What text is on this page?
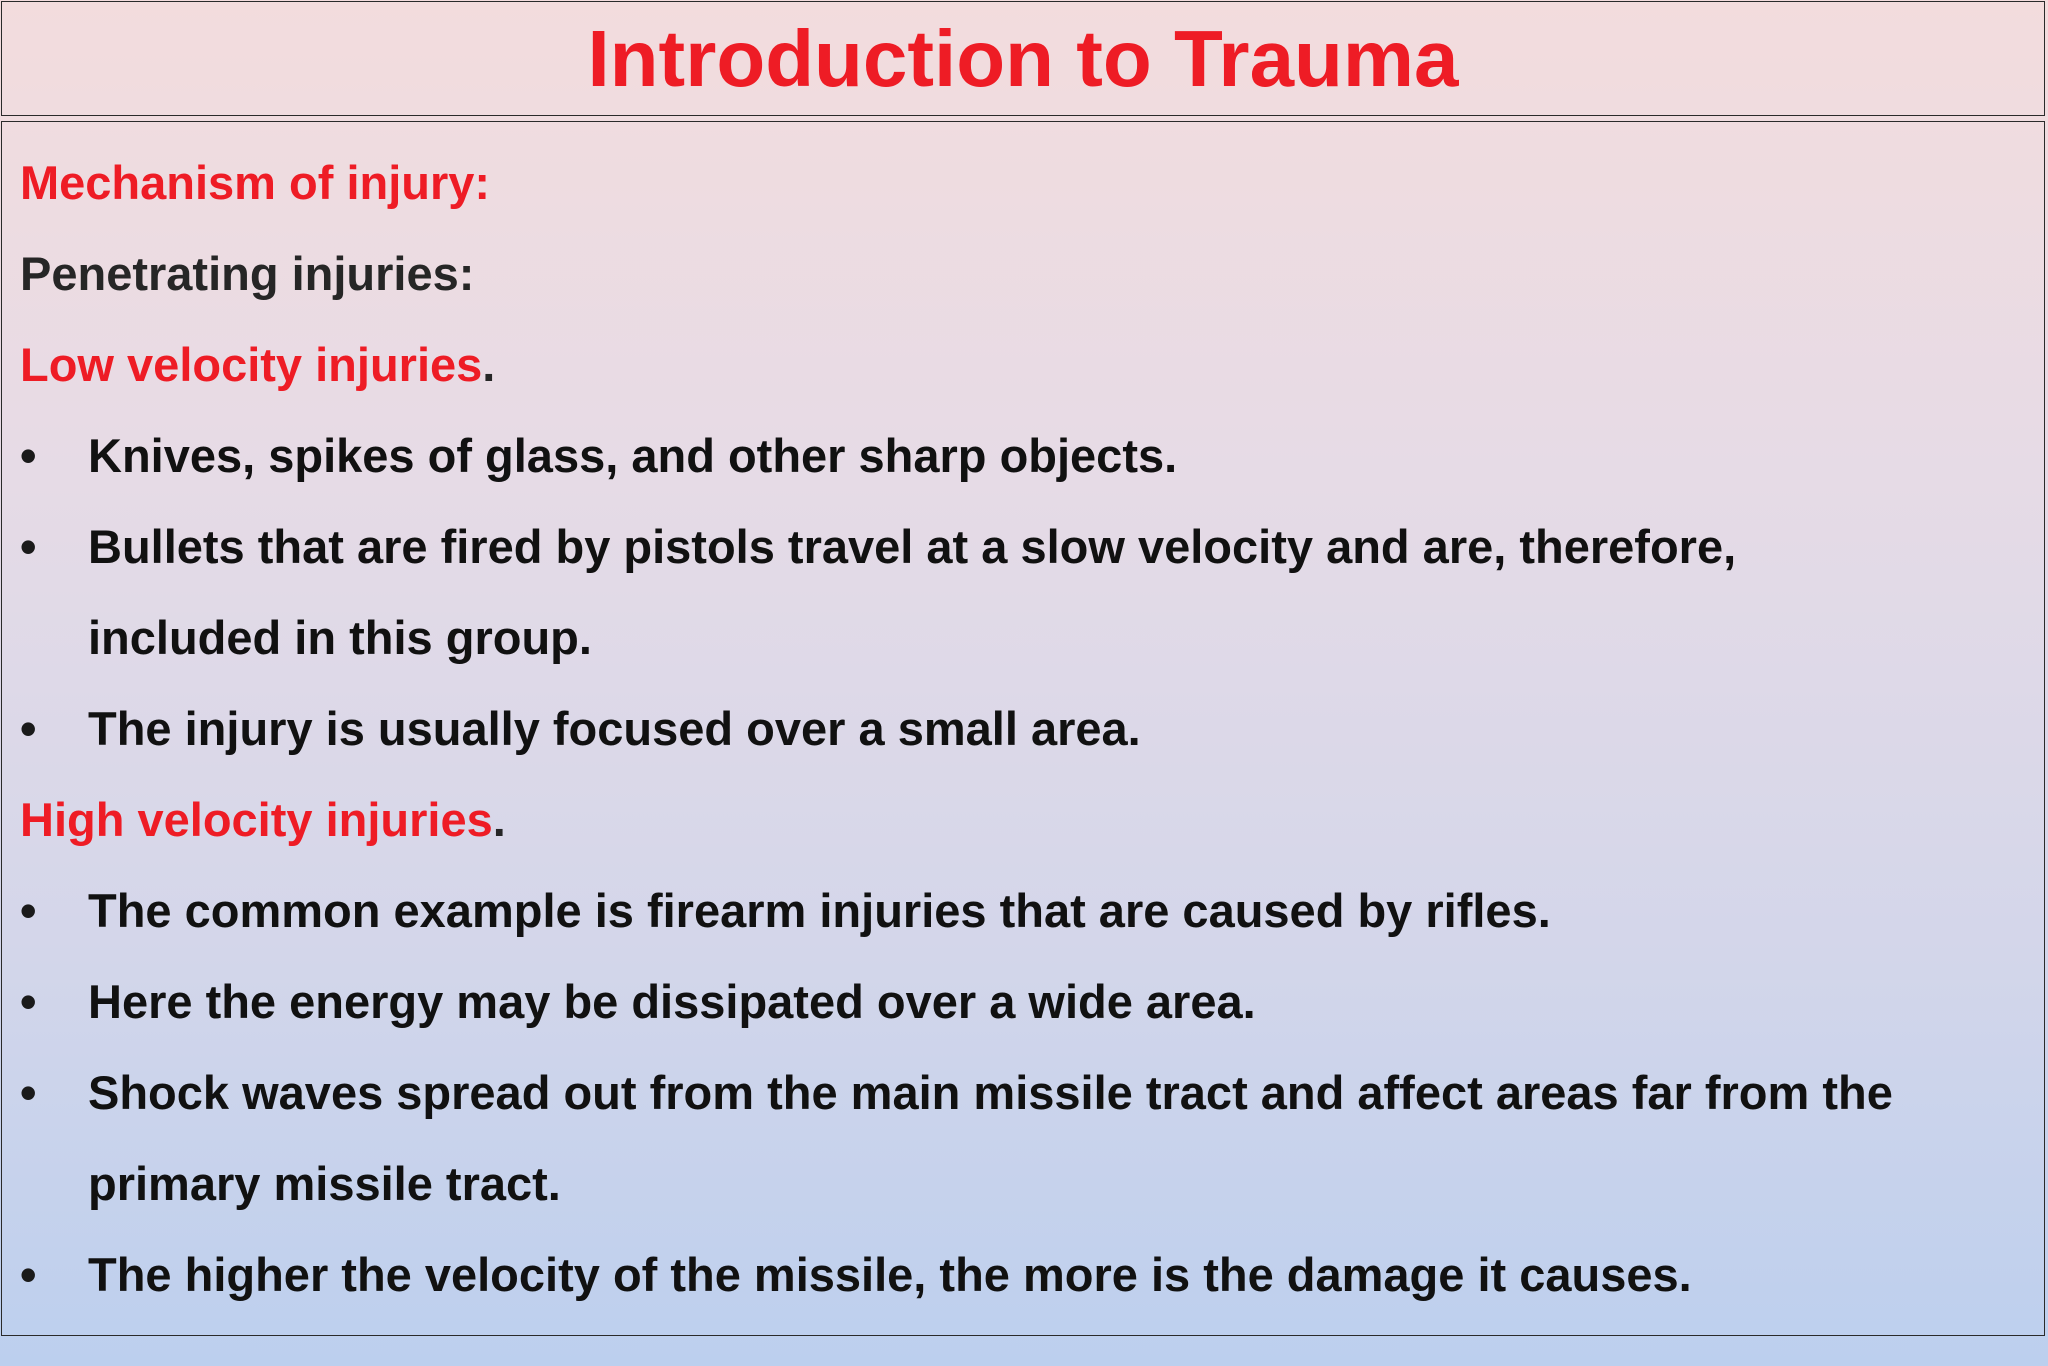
Introduction to Trauma
Mechanism of injury:
Penetrating injuries:
Low velocity injuries.
• Knives, spikes of glass, and other sharp objects.
• Bullets that are fired by pistols travel at a slow velocity and are, therefore,
included in this group.
• The injury is usually focused over a small area.
High velocity injuries.
• The common example is firearm injuries that are caused by rifles.
• Here the energy may be dissipated over a wide area.
• Shock waves spread out from the main missile tract and affect areas far from the
primary missile tract.
• The higher the velocity of the missile, the more is the damage it causes.
